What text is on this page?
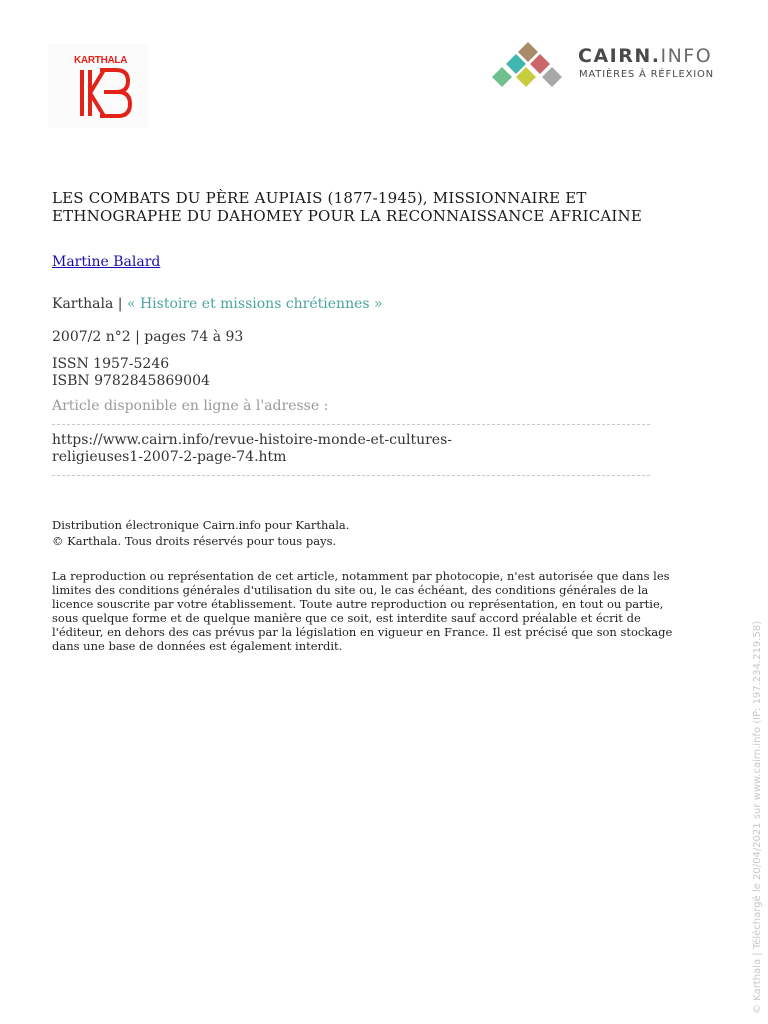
KARTHALA	CAIRN.INFO
MATIÈRES À RÉFLEXION
LES COMBATS DU PÈRE AUPIAIS (1877-1945), MISSIONNAIRE ET
ETHNOGRAPHE DU DAHOMEY POUR LA RECONNAISSANCE AFRICAINE
Martine Balard
Karthala | « Histoire et missions chrétiennes »
2007/2 n°2 | pages 74 à 93
ISSN 1957-5246
ISBN 9782845869004
Article disponible en ligne à l'adresse :
https://www.cairn.info/revue-histoire-monde-et-cultures-
religieuses1-2007-2-page-74.htm
Distribution électronique Cairn.info pour Karthala.
© Karthala. Tous droits réservés pour tous pays.
La reproduction ou représentation de cet article, notamment par photocopie, n'est autorisée que dans les
limites des conditions générales d'utilisation du site ou, le cas échéant, des conditions générales de la
licence souscrite par votre établissement. Toute autre reproduction ou représentation, en tout ou partie,
sous quelque forme et de quelque manière que ce soit, est interdite sauf accord préalable et écrit de
l'éditeur, en dehors des cas prévus par la législation en vigueur en France. Il est précisé que son stockage
dans une base de données est également interdit.	© Karthala | Téléchargé le 20/04/2021 sur www.cairn.info (IP: 197.234.219.58)
